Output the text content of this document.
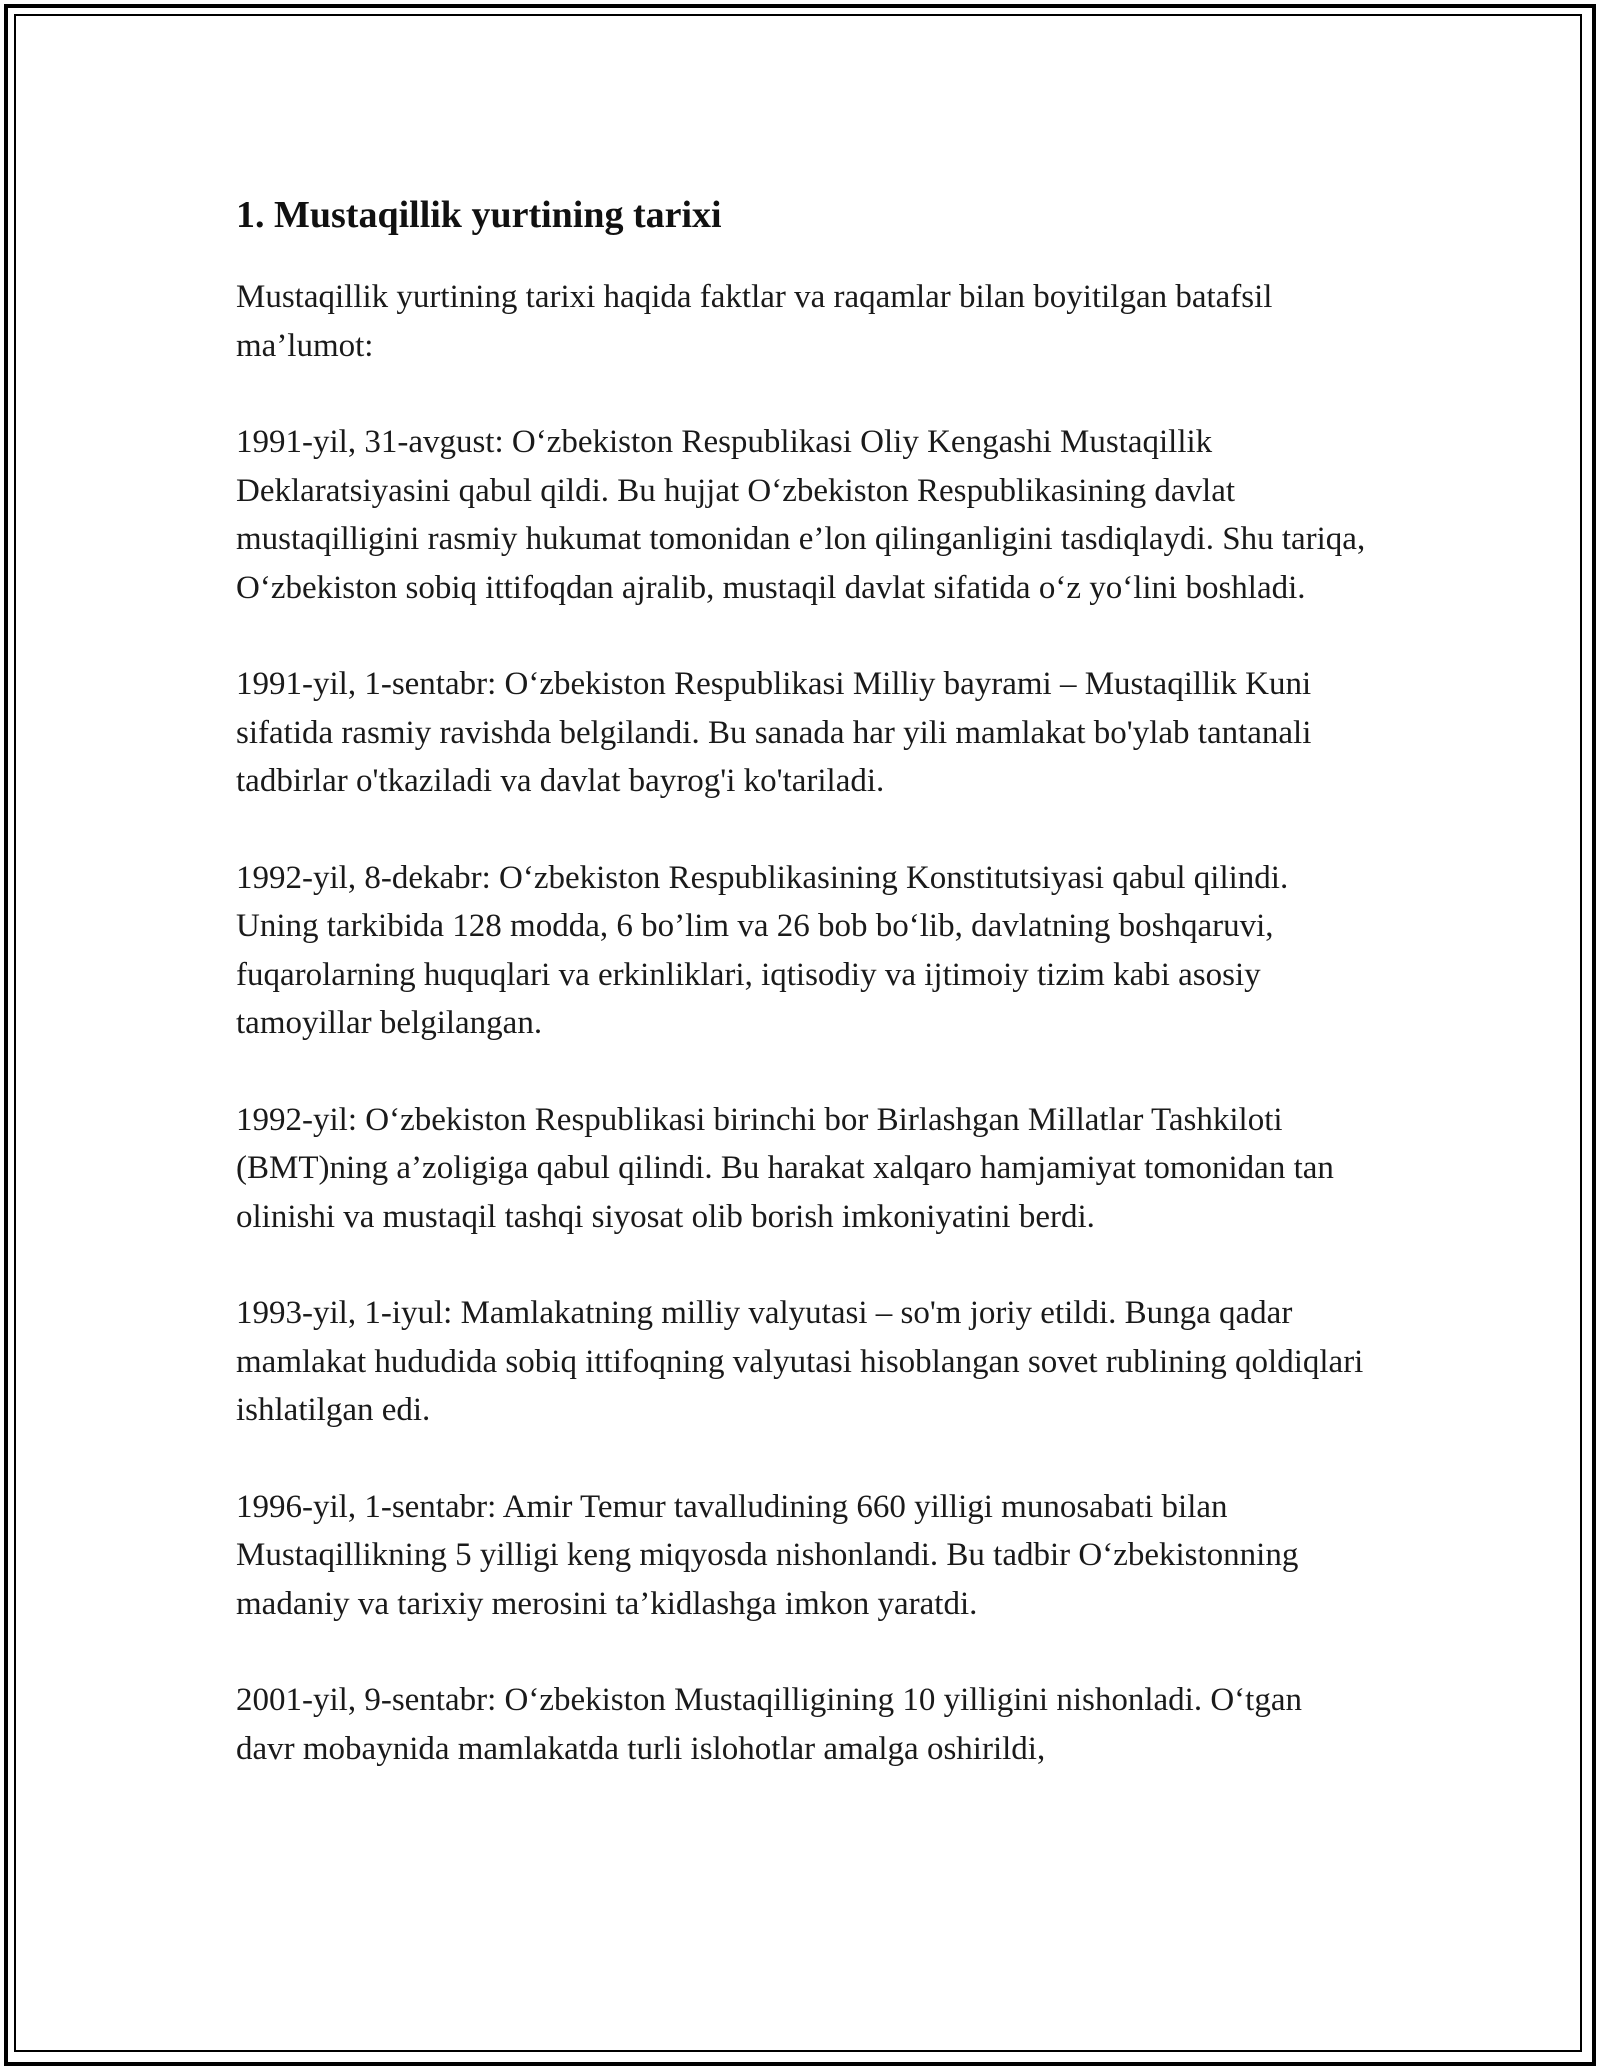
1. Mustaqillik yurtining tarixi

Mustaqillik yurtining tarixi haqida faktlar va raqamlar bilan boyitilgan batafsil ma’lumot:

1991-yil, 31-avgust: O‘zbekiston Respublikasi Oliy Kengashi Mustaqillik Deklaratsiyasini qabul qildi. Bu hujjat O‘zbekiston Respublikasining davlat mustaqilligini rasmiy hukumat tomonidan e’lon qilinganligini tasdiqlaydi. Shu tariqa, O‘zbekiston sobiq ittifoqdan ajralib, mustaqil davlat sifatida o‘z yo‘lini boshladi.

1991-yil, 1-sentabr: O‘zbekiston Respublikasi Milliy bayrami – Mustaqillik Kuni sifatida rasmiy ravishda belgilandi. Bu sanada har yili mamlakat bo'ylab tantanali tadbirlar o'tkaziladi va davlat bayrog'i ko'tariladi.

1992-yil, 8-dekabr: O‘zbekiston Respublikasining Konstitutsiyasi qabul qilindi. Uning tarkibida 128 modda, 6 bo’lim va 26 bob bo‘lib, davlatning boshqaruvi, fuqarolarning huquqlari va erkinliklari, iqtisodiy va ijtimoiy tizim kabi asosiy tamoyillar belgilangan.

1992-yil: O‘zbekiston Respublikasi birinchi bor Birlashgan Millatlar Tashkiloti (BMT)ning a’zoligiga qabul qilindi. Bu harakat xalqaro hamjamiyat tomonidan tan olinishi va mustaqil tashqi siyosat olib borish imkoniyatini berdi.

1993-yil, 1-iyul: Mamlakatning milliy valyutasi – so'm joriy etildi. Bunga qadar mamlakat hududida sobiq ittifoqning valyutasi hisoblangan sovet rublining qoldiqlari ishlatilgan edi.

1996-yil, 1-sentabr: Amir Temur tavalludining 660 yilligi munosabati bilan Mustaqillikning 5 yilligi keng miqyosda nishonlandi. Bu tadbir O‘zbekistonning madaniy va tarixiy merosini ta’kidlashga imkon yaratdi.

2001-yil, 9-sentabr: O‘zbekiston Mustaqilligining 10 yilligini nishonladi. O‘tgan davr mobaynida mamlakatda turli islohotlar amalga oshirildi,
